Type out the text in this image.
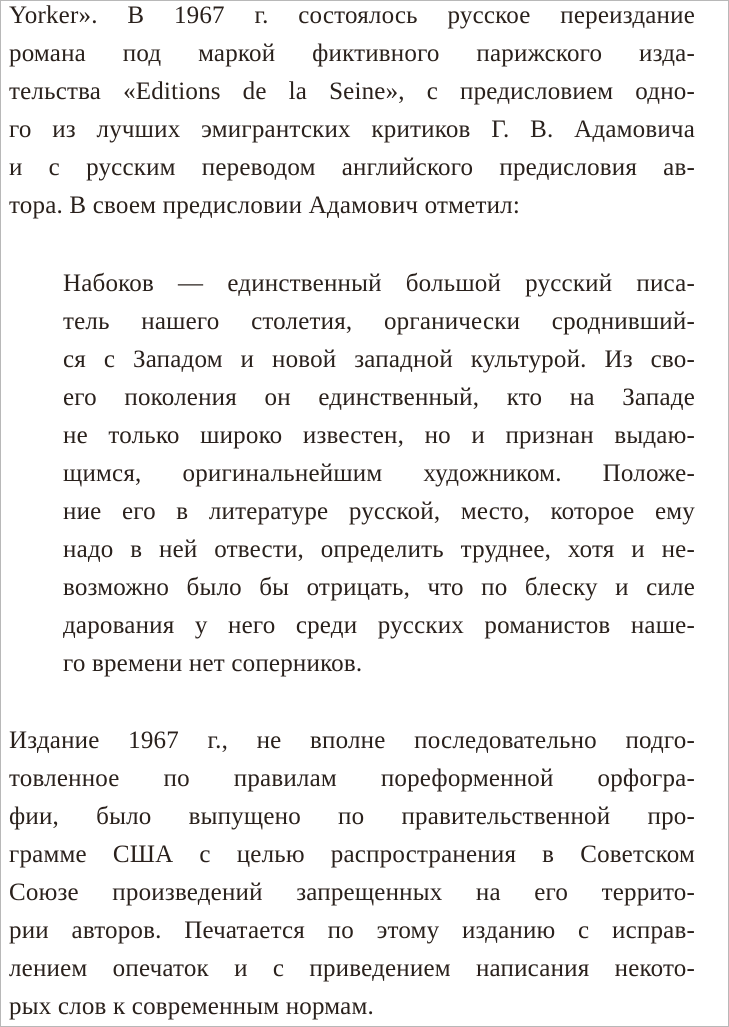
Yorker». В 1967 г. состоялось русское переиздание
романа под маркой фиктивного парижского изда-
тельства «Editions de la Seine», с предисловием одно-
го из лучших эмигрантских критиков Г. В. Адамовича
и с русским переводом английского предисловия ав-
тора. В своем предисловии Адамович отметил:
Набоков — единственный большой русский писа-
тель нашего столетия, органически сроднивший-
ся с Западом и новой западной культурой. Из сво-
его поколения он единственный, кто на Западе
не только широко известен, но и признан выдаю-
щимся, оригинальнейшим художником. Положе-
ние его в литературе русской, место, которое ему
надо в ней отвести, определить труднее, хотя и не-
возможно было бы отрицать, что по блеску и силе
дарования у него среди русских романистов наше-
го времени нет соперников.
Издание 1967 г., не вполне последовательно подго-
товленное по правилам пореформенной орфогра-
фии, было выпущено по правительственной про-
грамме США с целью распространения в Советском
Союзе произведений запрещенных на его террито-
рии авторов. Печатается по этому изданию с исправ-
лением опечаток и с приведением написания некото-
рых слов к современным нормам.
